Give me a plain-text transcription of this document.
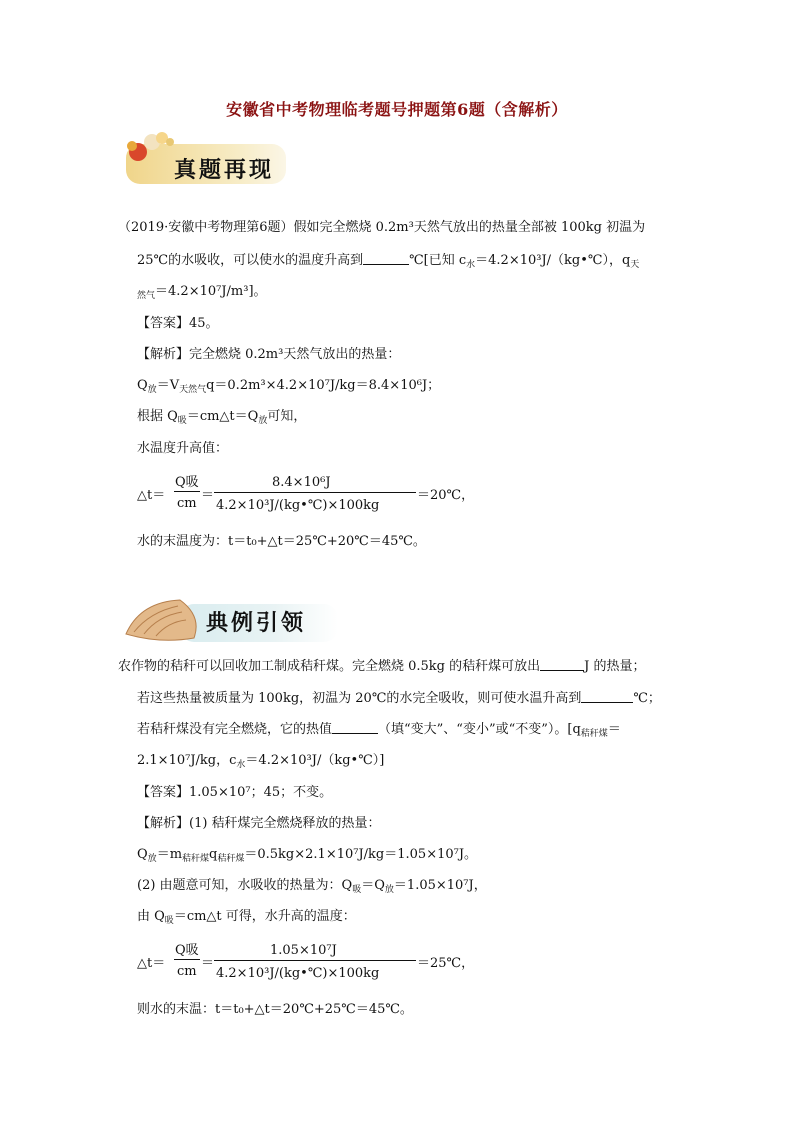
安徽省中考物理临考题号押题第6题（含解析）
真题再现
（2019·安徽中考物理第6题）假如完全燃烧 0.2m³天然气放出的热量全部被 100kg 初温为
25℃的水吸收，可以使水的温度升高到	℃[已知 $c_水=4.2\times 10^3J/(kg•℃)$，$q_天$
$_{然气}$＝4.2×10⁷J/m³]。
【答案】45。
【解析】完全燃烧 0.2m³天然气放出的热量：
$Q_放=V_{天然气}q=0.2m^3\times 4.2\times 10^7J/kg=8.4\times 10^6J$；
根据 $Q_吸=cm\triangle t=Q_放$可知，
水温度升高值：
△t＝
Q吸
cm
＝
8.4×10⁶J
4.2×10³J/(kg•℃)×100kg
＝20℃，
水的末温度为：t＝t₀+△t＝25℃+20℃＝45℃。
典例引领
农作物的秸秆可以回收加工制成秸秆煤。完全燃烧 0.5kg 的秸秆煤可放出	J 的热量；
若这些热量被质量为 100kg，初温为 20℃的水完全吸收，则可使水温升高到	℃；
若秸秆煤没有完全燃烧，它的热值	（填“变大”、“变小”或“不变”）。[$q_{秸秆煤}=$
2.1×10⁷J/kg，$c_水=4.2\times 10^3J/(kg•℃)$]
【答案】1.05×10⁷；45；不变。
【解析】(1) 秸秆煤完全燃烧释放的热量：
$Q_放=m_{秸秆煤}q_{秸秆煤}=0.5kg\times 2.1\times 10^7J/kg=1.05\times 10^7J$。
(2) 由题意可知，水吸收的热量为：$Q_吸=Q_放=1.05\times 10^7J$，
由 $Q_吸=cm\triangle t$ 可得，水升高的温度：
△t＝
Q吸
cm
＝
1.05×10⁷J
4.2×10³J/(kg•℃)×100kg
＝25℃，
则水的末温：t＝t₀+△t＝20℃+25℃＝45℃。
